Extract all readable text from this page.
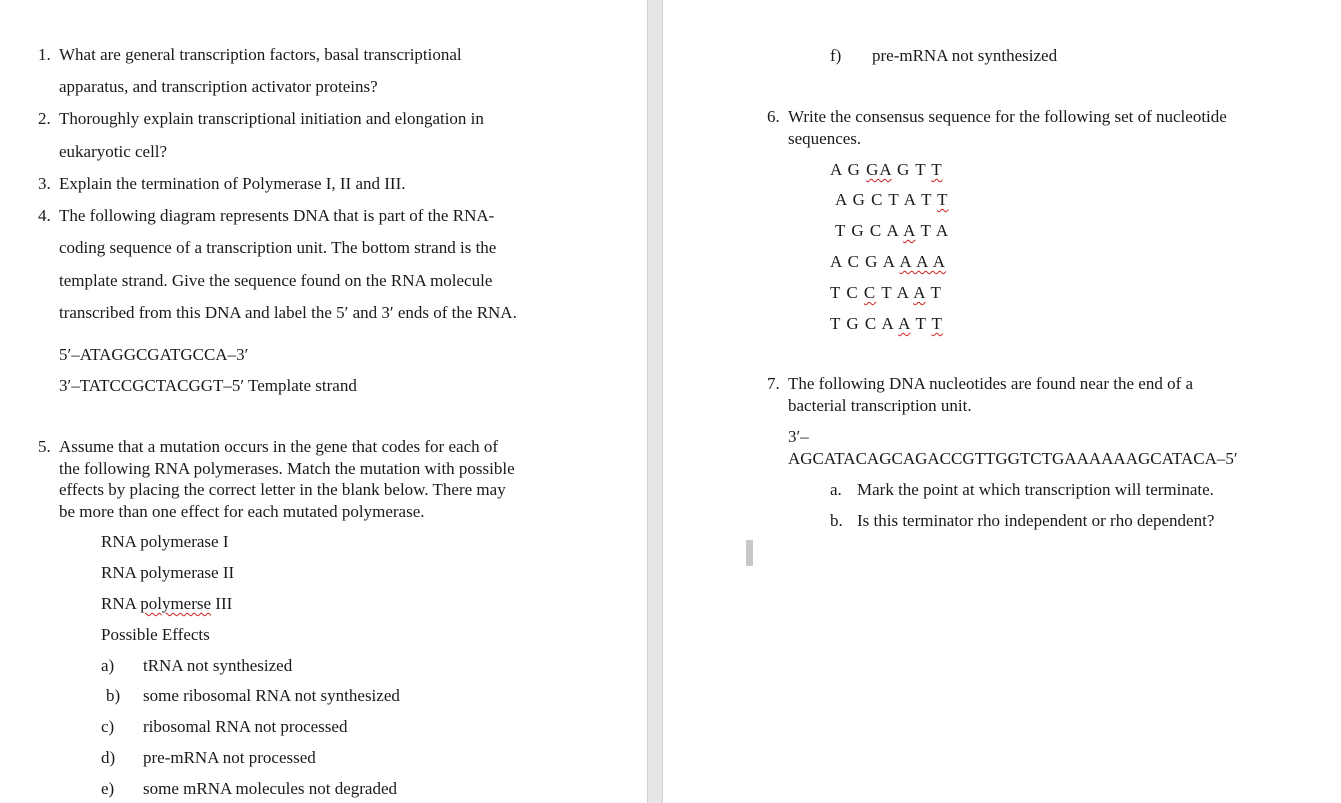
1. What are general transcription factors, basal transcriptional
apparatus, and transcription activator proteins?
2. Thoroughly explain transcriptional initiation and elongation in
eukaryotic cell?
3. Explain the termination of Polymerase I, II and III.
4. The following diagram represents DNA that is part of the RNA-
coding sequence of a transcription unit. The bottom strand is the
template strand. Give the sequence found on the RNA molecule
transcribed from this DNA and label the 5′ and 3′ ends of the RNA.
5′–ATAGGCGATGCCA–3′
3′–TATCCGCTACGGT–5′ Template strand
5. Assume that a mutation occurs in the gene that codes for each of
the following RNA polymerases. Match the mutation with possible
effects by placing the correct letter in the blank below. There may
be more than one effect for each mutated polymerase.
RNA polymerase I
RNA polymerase II
RNA polymerse III
Possible Effects
a) tRNA not synthesized
b) some ribosomal RNA not synthesized
c) ribosomal RNA not processed
d) pre-mRNA not processed
e) some mRNA molecules not degraded
f) pre-mRNA not synthesized
6. Write the consensus sequence for the following set of nucleotide
sequences.
A G GA G T T
A G C T A T T
T G C A A T A
A C G A A A A
T C C T A A T
T G C A A T T
7. The following DNA nucleotides are found near the end of a
bacterial transcription unit.
3′–
AGCATACAGCAGACCGTTGGTCTGAAAAAAGCATACA–5′
a. Mark the point at which transcription will terminate.
b. Is this terminator rho independent or rho dependent?
